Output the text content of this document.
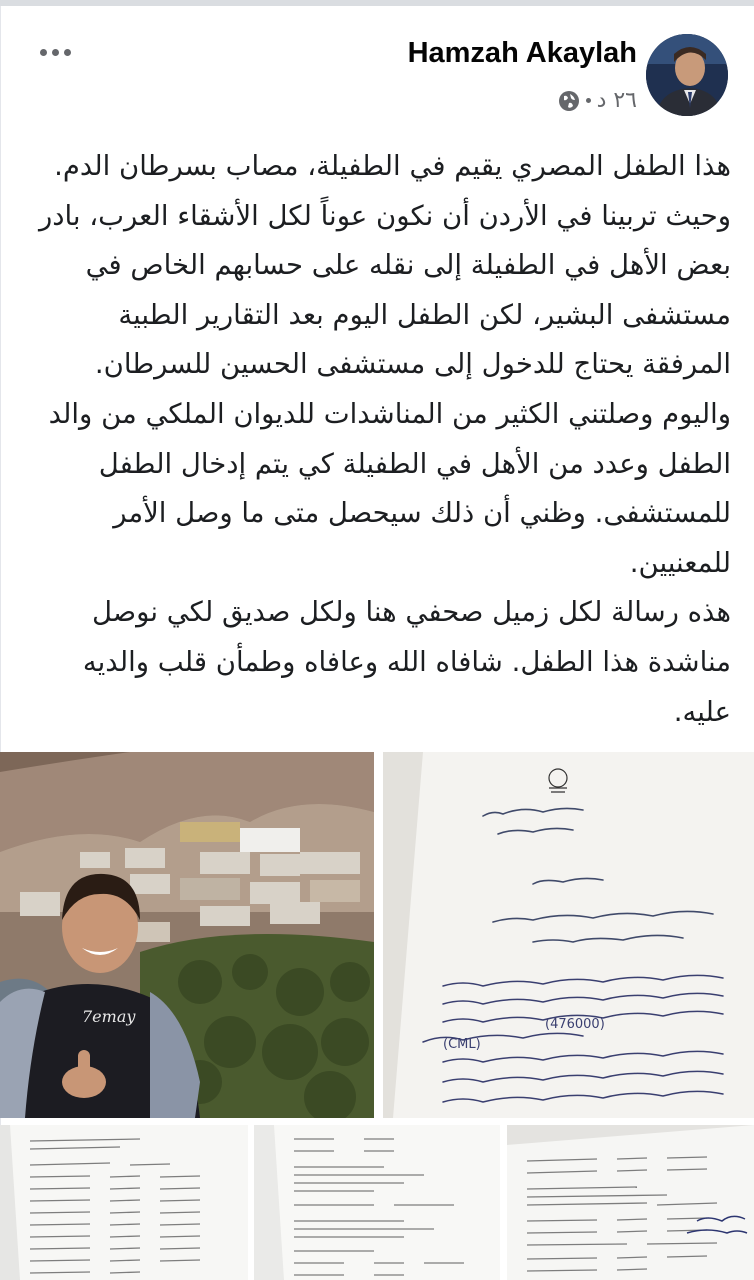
Hamzah Akaylah
٢٦ د

هذا الطفل المصري يقيم في الطفيلة، مصاب بسرطان الدم. وحيث تربينا في الأردن أن نكون عوناً لكل الأشقاء العرب، بادر بعض الأهل في الطفيلة إلى نقله على حسابهم الخاص في مستشفى البشير، لكن الطفل اليوم بعد التقارير الطبية المرفقة يحتاج للدخول إلى مستشفى الحسين للسرطان.

واليوم وصلتني الكثير من المناشدات للديوان الملكي من والد الطفل وعدد من الأهل في الطفيلة كي يتم إدخال الطفل للمستشفى. وظني أن ذلك سيحصل متى ما وصل الأمر للمعنيين.

هذه رسالة لكل زميل صحفي هنا ولكل صديق لكي نوصل مناشدة هذا الطفل. شافاه الله وعافاه وطمأن قلب والديه عليه.

7emay	(476000)
(CML)
